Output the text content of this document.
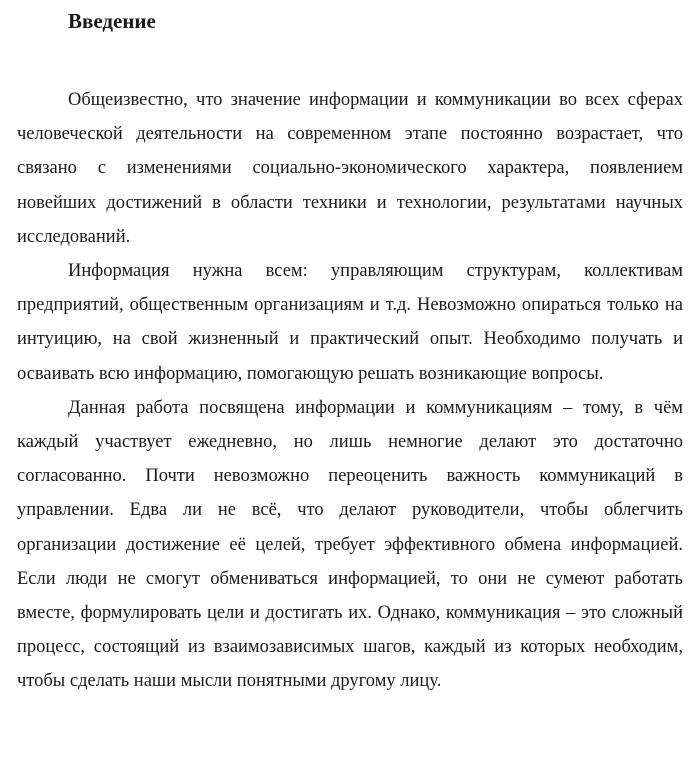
Введение

Общеизвестно, что значение информации и коммуникации во всех сферах человеческой деятельности на современном этапе постоянно возрастает, что связано с изменениями социально-экономического характера, появлением новейших достижений в области техники и технологии, результатами научных исследований.

Информация нужна всем: управляющим структурам, коллективам предприятий, общественным организациям и т.д. Невозможно опираться только на интуицию, на свой жизненный и практический опыт. Необходимо получать и осваивать всю информацию, помогающую решать возникающие вопросы.

Данная работа посвящена информации и коммуникациям – тому, в чём каждый участвует ежедневно, но лишь немногие делают это достаточно согласованно. Почти невозможно переоценить важность коммуникаций в управлении. Едва ли не всё, что делают руководители, чтобы облегчить организации достижение её целей, требует эффективного обмена информацией. Если люди не смогут обмениваться информацией, то они не сумеют работать вместе, формулировать цели и достигать их. Однако, коммуникация – это сложный процесс, состоящий из взаимозависимых шагов, каждый из которых необходим, чтобы сделать наши мысли понятными другому лицу.
